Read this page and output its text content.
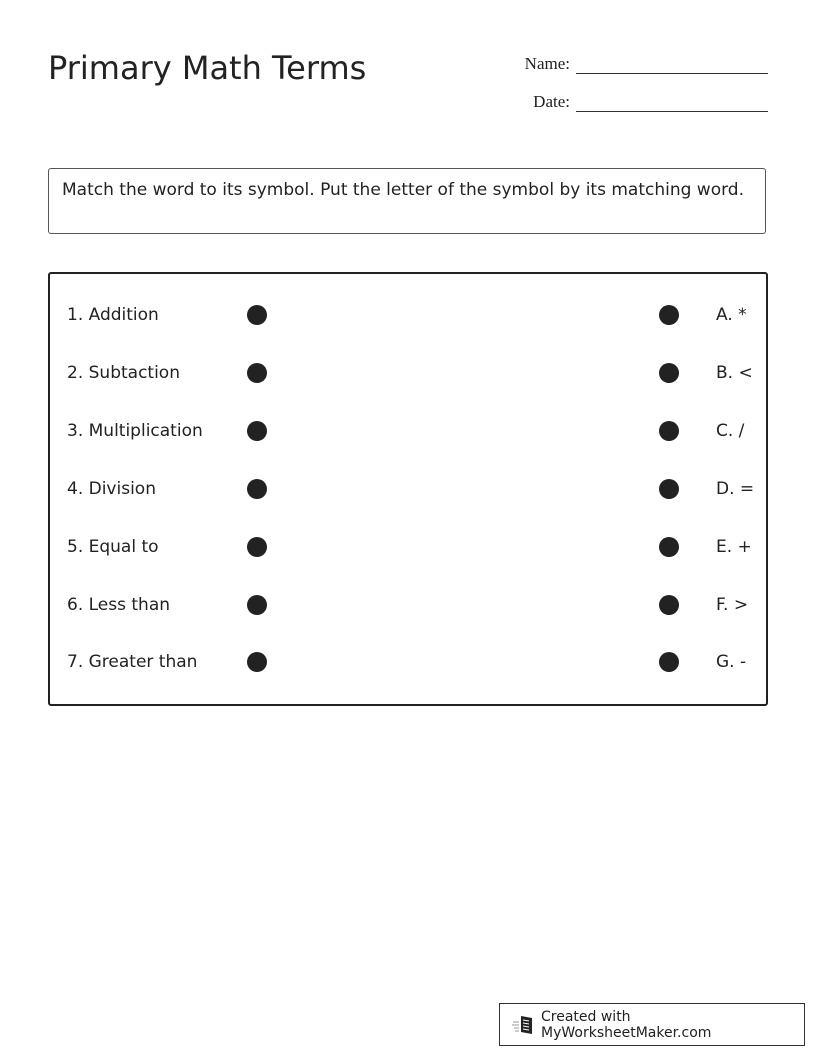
Primary Math Terms	Name:
Date:
Match the word to its symbol. Put the letter of the symbol by its matching word.
1. Addition	A. *
2. Subtaction	B. <
3. Multiplication	C. /
4. Division	D. =
5. Equal to	E. +
6. Less than	F. >
7. Greater than	G. -
Created with MyWorksheetMaker.com
